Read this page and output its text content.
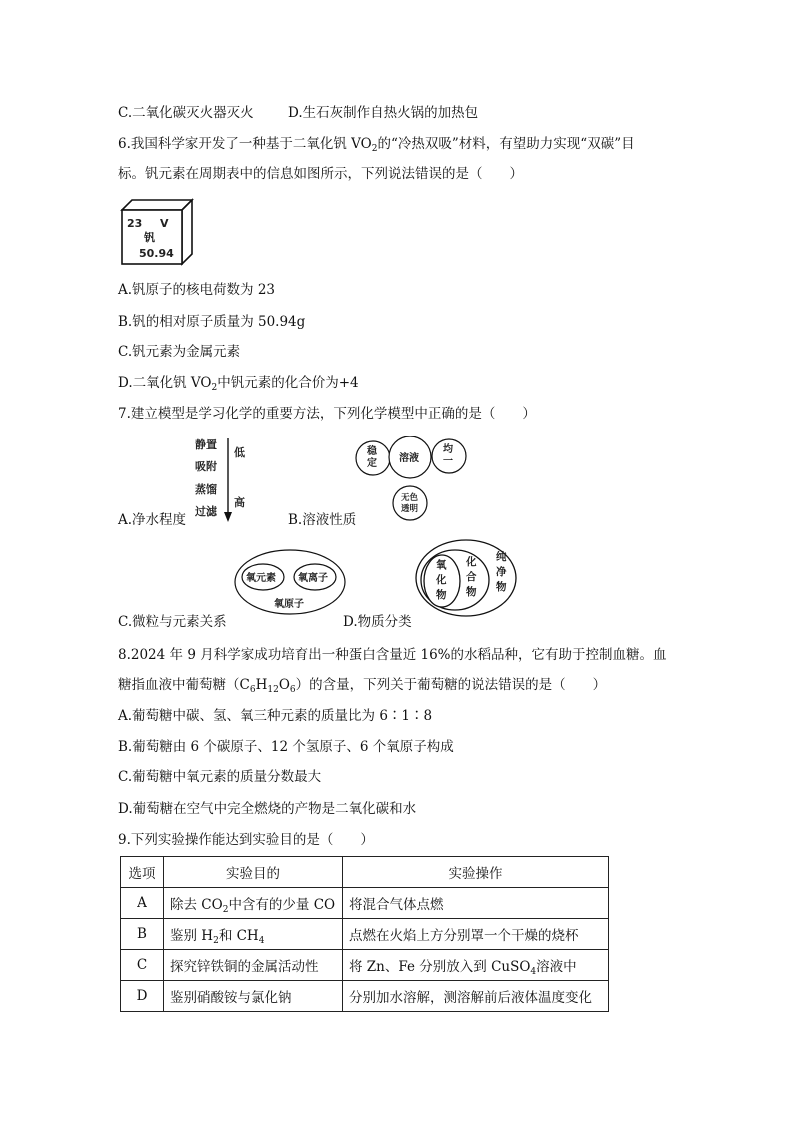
C.二氧化碳灭火器灭火	D.生石灰制作自热火锅的加热包
6.我国科学家开发了一种基于二氧化钒 $VO_2$的“冷热双吸”材料，有望助力实现“双碳”目
标。钒元素在周期表中的信息如图所示，下列说法错误的是（　　）
23 V
钒
50.94
A.钒原子的核电荷数为 23
B.钒的相对原子质量为 50.94g
C.钒元素为金属元素
D.二氧化钒 $VO_2$中钒元素的化合价为+4
7.建立模型是学习化学的重要方法，下列化学模型中正确的是（　　）
静置
吸附
蒸馏
过滤
低
高
稳定 溶液
均一
无色透明
A.净水程度	B.溶液性质
氧元素 氧离子
氧原子
氧化物
化合物
纯净物
C.微粒与元素关系	D.物质分类
8.2024 年 9 月科学家成功培育出一种蛋白含量近 16%的水稻品种，它有助于控制血糖。血
糖指血液中葡萄糖$(C_6H_{12}O_6)$的含量，下列关于葡萄糖的说法错误的是（　　）
A.葡萄糖中碳、氢、氧三种元素的质量比为 6∶1∶8
B.葡萄糖由 6 个碳原子、12 个氢原子、6 个氧原子构成
C.葡萄糖中氧元素的质量分数最大
D.葡萄糖在空气中完全燃烧的产物是二氧化碳和水
9.下列实验操作能达到实验目的是（　　）
选项	实验目的	实验操作
A	除去 $CO_2$中含有的少量 CO	将混合气体点燃
B	鉴别 $H_2$和 $CH_4$	点燃在火焰上方分别罩一个干燥的烧杯
C	探究锌铁铜的金属活动性	将 Zn、Fe 分别放入到 CuSO$_4$溶液中
D	鉴别硝酸铵与氯化钠	分别加水溶解，测溶解前后液体温度变化
